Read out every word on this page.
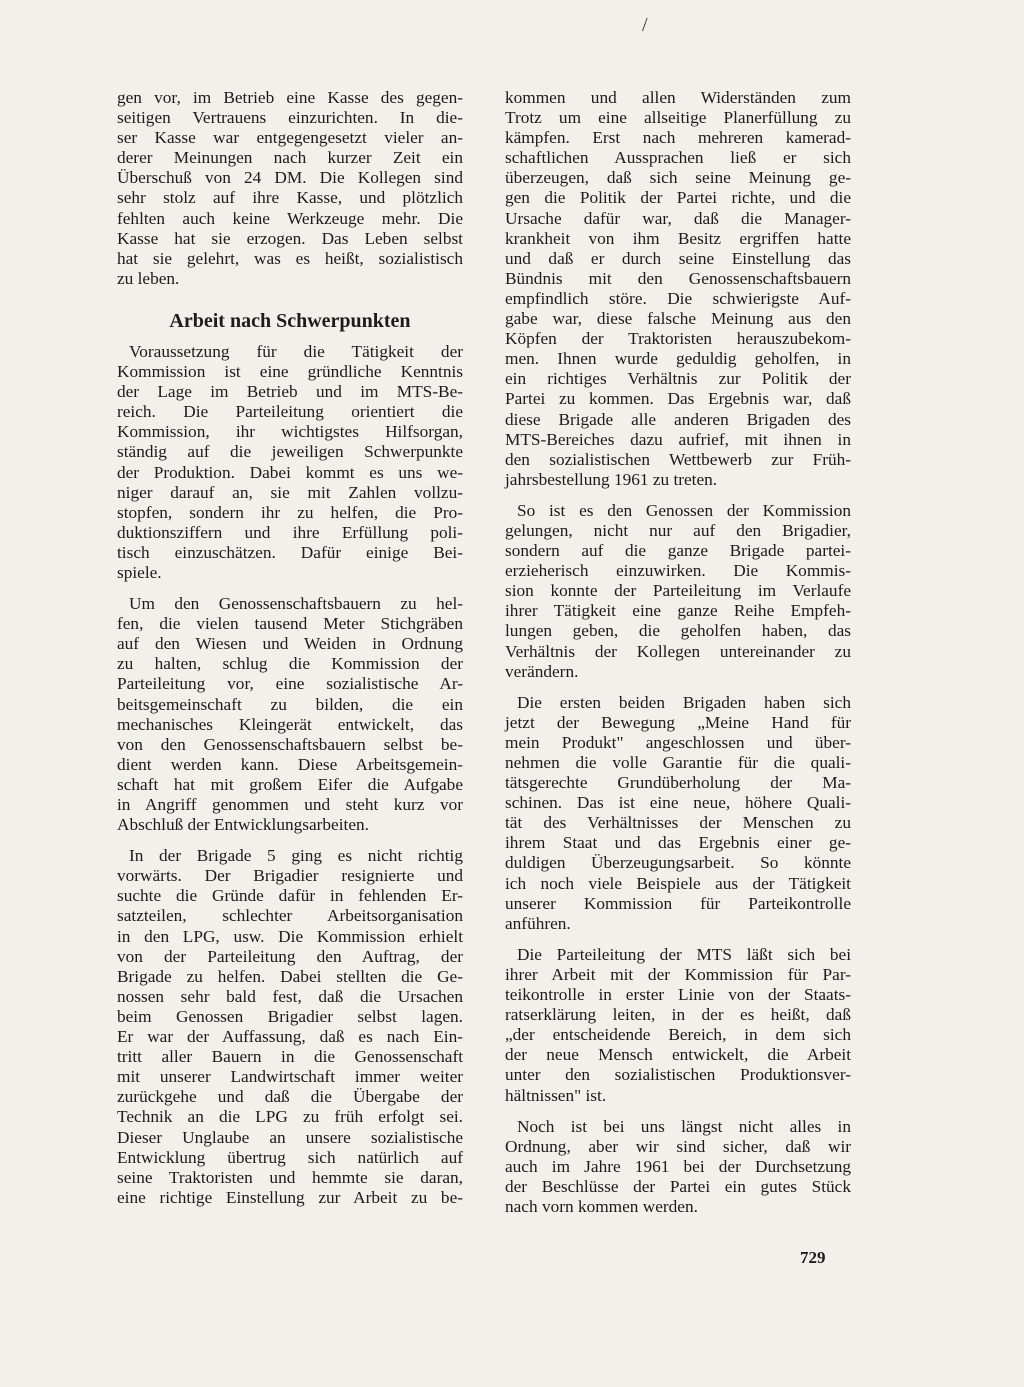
/
gen vor, im Betrieb eine Kasse des gegen-
seitigen Vertrauens einzurichten. In die-
ser Kasse war entgegengesetzt vieler an-
derer Meinungen nach kurzer Zeit ein
Überschuß von 24 DM. Die Kollegen sind
sehr stolz auf ihre Kasse, und plötzlich
fehlten auch keine Werkzeuge mehr. Die
Kasse hat sie erzogen. Das Leben selbst
hat sie gelehrt, was es heißt, sozialistisch
zu leben.
Arbeit nach Schwerpunkten
Voraussetzung für die Tätigkeit der
Kommission ist eine gründliche Kenntnis
der Lage im Betrieb und im MTS-Be-
reich. Die Parteileitung orientiert die
Kommission, ihr wichtigstes Hilfsorgan,
ständig auf die jeweiligen Schwerpunkte
der Produktion. Dabei kommt es uns we-
niger darauf an, sie mit Zahlen vollzu-
stopfen, sondern ihr zu helfen, die Pro-
duktionsziffern und ihre Erfüllung poli-
tisch einzuschätzen. Dafür einige Bei-
spiele.
Um den Genossenschaftsbauern zu hel-
fen, die vielen tausend Meter Stichgräben
auf den Wiesen und Weiden in Ordnung
zu halten, schlug die Kommission der
Parteileitung vor, eine sozialistische Ar-
beitsgemeinschaft zu bilden, die ein
mechanisches Kleingerät entwickelt, das
von den Genossenschaftsbauern selbst be-
dient werden kann. Diese Arbeitsgemein-
schaft hat mit großem Eifer die Aufgabe
in Angriff genommen und steht kurz vor
Abschluß der Entwicklungsarbeiten.
In der Brigade 5 ging es nicht richtig
vorwärts. Der Brigadier resignierte und
suchte die Gründe dafür in fehlenden Er-
satzteilen, schlechter Arbeitsorganisation
in den LPG, usw. Die Kommission erhielt
von der Parteileitung den Auftrag, der
Brigade zu helfen. Dabei stellten die Ge-
nossen sehr bald fest, daß die Ursachen
beim Genossen Brigadier selbst lagen.
Er war der Auffassung, daß es nach Ein-
tritt aller Bauern in die Genossenschaft
mit unserer Landwirtschaft immer weiter
zurückgehe und daß die Übergabe der
Technik an die LPG zu früh erfolgt sei.
Dieser Unglaube an unsere sozialistische
Entwicklung übertrug sich natürlich auf
seine Traktoristen und hemmte sie daran,
eine richtige Einstellung zur Arbeit zu be-
kommen und allen Widerständen zum
Trotz um eine allseitige Planerfüllung zu
kämpfen. Erst nach mehreren kamerad-
schaftlichen Aussprachen ließ er sich
überzeugen, daß sich seine Meinung ge-
gen die Politik der Partei richte, und die
Ursache dafür war, daß die Manager-
krankheit von ihm Besitz ergriffen hatte
und daß er durch seine Einstellung das
Bündnis mit den Genossenschaftsbauern
empfindlich störe. Die schwierigste Auf-
gabe war, diese falsche Meinung aus den
Köpfen der Traktoristen herauszubekom-
men. Ihnen wurde geduldig geholfen, in
ein richtiges Verhältnis zur Politik der
Partei zu kommen. Das Ergebnis war, daß
diese Brigade alle anderen Brigaden des
MTS-Bereiches dazu aufrief, mit ihnen in
den sozialistischen Wettbewerb zur Früh-
jahrsbestellung 1961 zu treten.
So ist es den Genossen der Kommission
gelungen, nicht nur auf den Brigadier,
sondern auf die ganze Brigade partei-
erzieherisch einzuwirken. Die Kommis-
sion konnte der Parteileitung im Verlaufe
ihrer Tätigkeit eine ganze Reihe Empfeh-
lungen geben, die geholfen haben, das
Verhältnis der Kollegen untereinander zu
verändern.
Die ersten beiden Brigaden haben sich
jetzt der Bewegung „Meine Hand für
mein Produkt" angeschlossen und über-
nehmen die volle Garantie für die quali-
tätsgerechte Grundüberholung der Ma-
schinen. Das ist eine neue, höhere Quali-
tät des Verhältnisses der Menschen zu
ihrem Staat und das Ergebnis einer ge-
duldigen Überzeugungsarbeit. So könnte
ich noch viele Beispiele aus der Tätigkeit
unserer Kommission für Parteikontrolle
anführen.
Die Parteileitung der MTS läßt sich bei
ihrer Arbeit mit der Kommission für Par-
teikontrolle in erster Linie von der Staats-
ratserklärung leiten, in der es heißt, daß
„der entscheidende Bereich, in dem sich
der neue Mensch entwickelt, die Arbeit
unter den sozialistischen Produktionsver-
hältnissen" ist.
Noch ist bei uns längst nicht alles in
Ordnung, aber wir sind sicher, daß wir
auch im Jahre 1961 bei der Durchsetzung
der Beschlüsse der Partei ein gutes Stück
nach vorn kommen werden.
729
